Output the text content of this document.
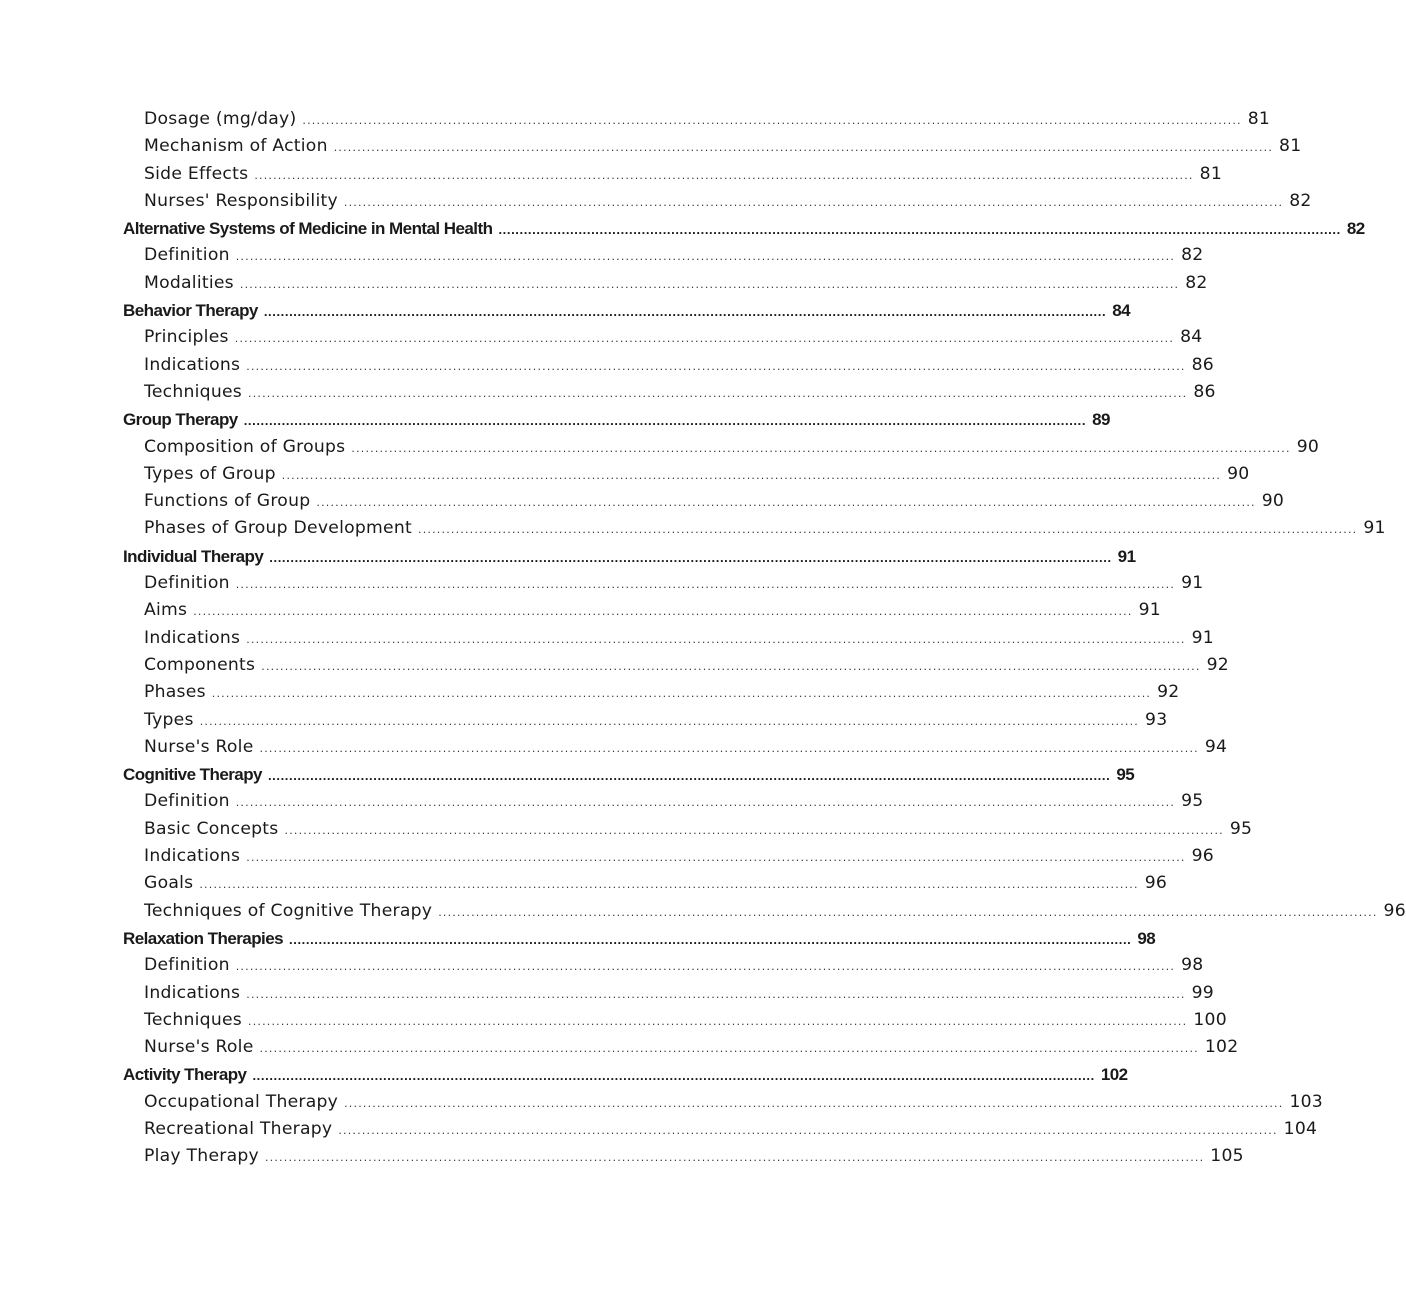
Dosage (mg/day) ........................................................................................................................................................................................................ 81
Mechanism of Action ........................................................................................................................................................................................................ 81
Side Effects ........................................................................................................................................................................................................ 81
Nurses' Responsibility ........................................................................................................................................................................................................ 82
Alternative Systems of Medicine in Mental Health ........................................................................................................................................................................................................ 82
Definition ........................................................................................................................................................................................................ 82
Modalities ........................................................................................................................................................................................................ 82
Behavior Therapy ........................................................................................................................................................................................................ 84
Principles ........................................................................................................................................................................................................ 84
Indications ........................................................................................................................................................................................................ 86
Techniques ........................................................................................................................................................................................................ 86
Group Therapy ........................................................................................................................................................................................................ 89
Composition of Groups ........................................................................................................................................................................................................ 90
Types of Group ........................................................................................................................................................................................................ 90
Functions of Group ........................................................................................................................................................................................................ 90
Phases of Group Development ........................................................................................................................................................................................................ 91
Individual Therapy ........................................................................................................................................................................................................ 91
Definition ........................................................................................................................................................................................................ 91
Aims ........................................................................................................................................................................................................ 91
Indications ........................................................................................................................................................................................................ 91
Components ........................................................................................................................................................................................................ 92
Phases ........................................................................................................................................................................................................ 92
Types ........................................................................................................................................................................................................ 93
Nurse's Role ........................................................................................................................................................................................................ 94
Cognitive Therapy ........................................................................................................................................................................................................ 95
Definition ........................................................................................................................................................................................................ 95
Basic Concepts ........................................................................................................................................................................................................ 95
Indications ........................................................................................................................................................................................................ 96
Goals ........................................................................................................................................................................................................ 96
Techniques of Cognitive Therapy ........................................................................................................................................................................................................ 96
Relaxation Therapies ........................................................................................................................................................................................................ 98
Definition ........................................................................................................................................................................................................ 98
Indications ........................................................................................................................................................................................................ 99
Techniques ........................................................................................................................................................................................................ 100
Nurse's Role ........................................................................................................................................................................................................ 102
Activity Therapy ........................................................................................................................................................................................................ 102
Occupational Therapy ........................................................................................................................................................................................................ 103
Recreational Therapy ........................................................................................................................................................................................................ 104
Play Therapy ........................................................................................................................................................................................................ 105
